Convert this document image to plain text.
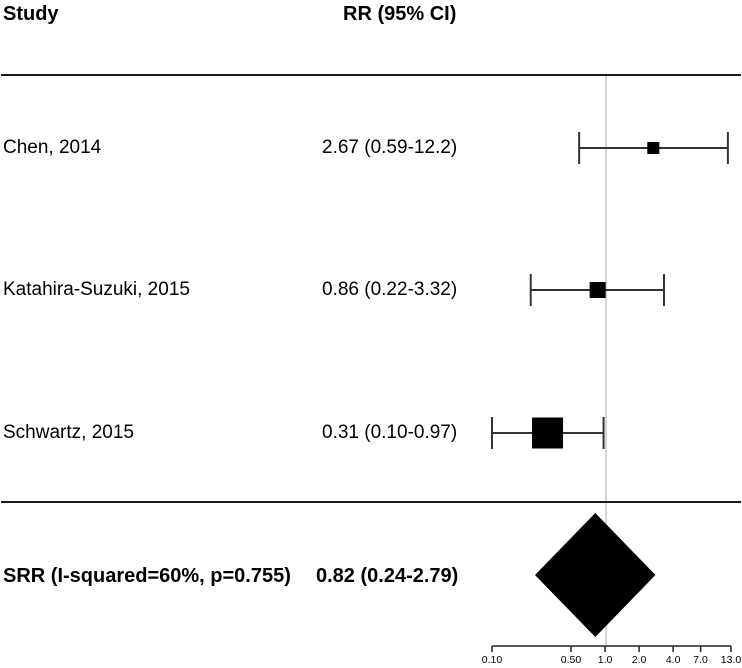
Study	RR (95% CI)
Chen, 2014	2.67 (0.59-12.2)
Katahira-Suzuki, 2015	0.86 (0.22-3.32)
Schwartz, 2015	0.31 (0.10-0.97)
SRR (I-squared=60%, p=0.755) 0.82 (0.24-2.79)
0.10	0.50 1.0 2.0 4.0 7.0 13.0
